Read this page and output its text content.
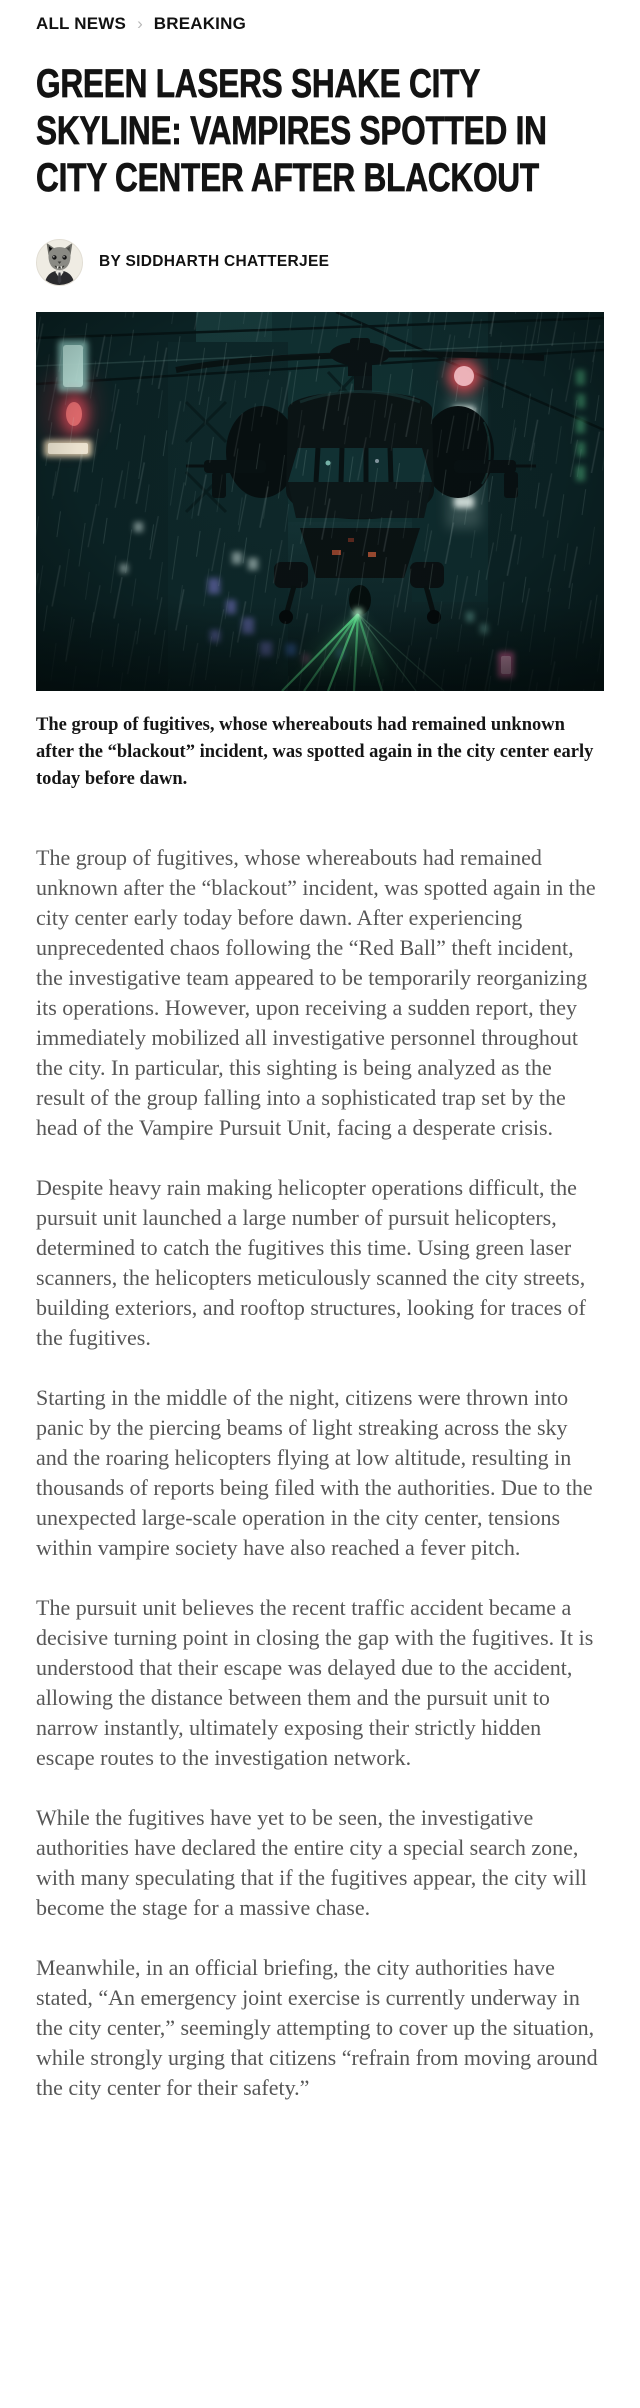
ALL NEWS › BREAKING
GREEN LASERS SHAKE CITY SKYLINE: VAMPIRES SPOTTED IN CITY CENTER AFTER BLACKOUT
BY SIDDHARTH CHATTERJEE
The group of fugitives, whose whereabouts had remained unknown after the “blackout” incident, was spotted again in the city center early today before dawn.

The group of fugitives, whose whereabouts had remained unknown after the “blackout” incident, was spotted again in the city center early today before dawn. After experiencing unprecedented chaos following the “Red Ball” theft incident, the investigative team appeared to be temporarily reorganizing its operations. However, upon receiving a sudden report, they immediately mobilized all investigative personnel throughout the city. In particular, this sighting is being analyzed as the result of the group falling into a sophisticated trap set by the head of the Vampire Pursuit Unit, facing a desperate crisis.

Despite heavy rain making helicopter operations difficult, the pursuit unit launched a large number of pursuit helicopters, determined to catch the fugitives this time. Using green laser scanners, the helicopters meticulously scanned the city streets, building exteriors, and rooftop structures, looking for traces of the fugitives.

Starting in the middle of the night, citizens were thrown into panic by the piercing beams of light streaking across the sky and the roaring helicopters flying at low altitude, resulting in thousands of reports being filed with the authorities. Due to the unexpected large-scale operation in the city center, tensions within vampire society have also reached a fever pitch.

The pursuit unit believes the recent traffic accident became a decisive turning point in closing the gap with the fugitives. It is understood that their escape was delayed due to the accident, allowing the distance between them and the pursuit unit to narrow instantly, ultimately exposing their strictly hidden escape routes to the investigation network.

While the fugitives have yet to be seen, the investigative authorities have declared the entire city a special search zone, with many speculating that if the fugitives appear, the city will become the stage for a massive chase.

Meanwhile, in an official briefing, the city authorities have stated, “An emergency joint exercise is currently underway in the city center,” seemingly attempting to cover up the situation, while strongly urging that citizens “refrain from moving around the city center for their safety.”
